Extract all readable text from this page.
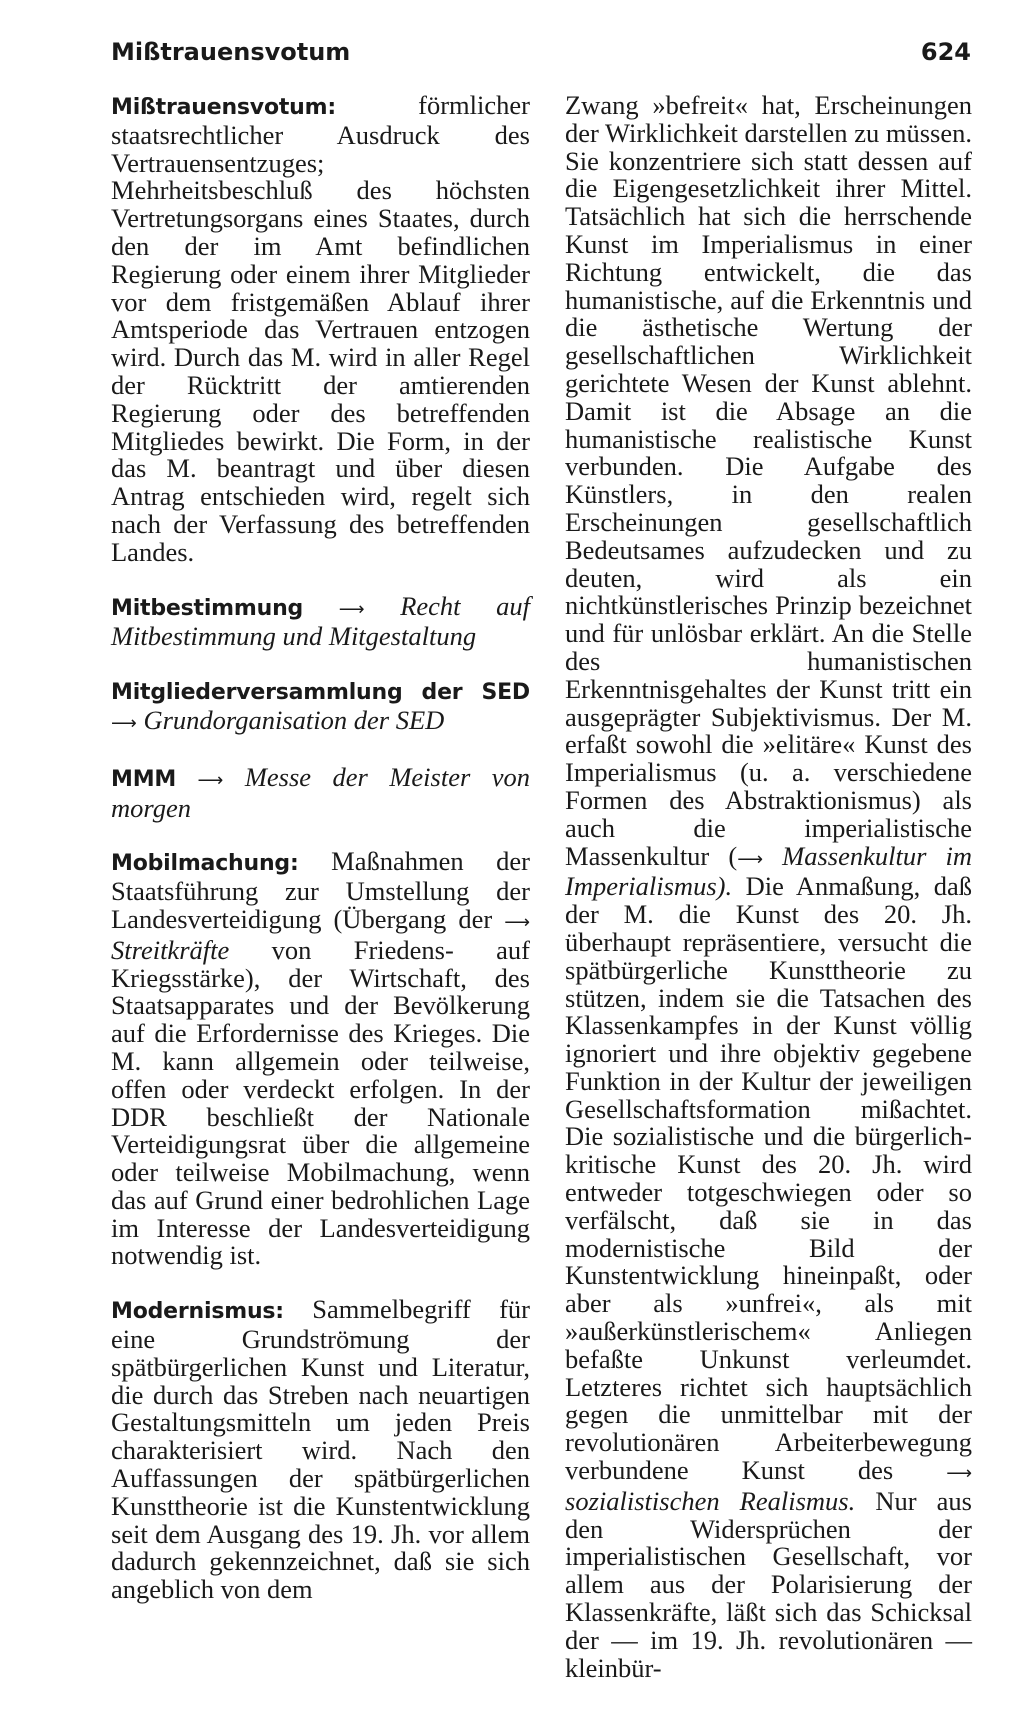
Mißtrauensvotum	624

Mißtrauensvotum:	förmlicher staatsrechtlicher Ausdruck des Vertrauensentzuges; Mehrheitsbeschluß des höchsten Vertretungsorgans eines Staates, durch den der im Amt befindlichen Regierung oder einem ihrer Mitglieder vor dem fristgemäßen Ablauf ihrer Amtsperiode das Vertrauen entzogen wird. Durch das M. wird in aller Regel der Rücktritt der amtierenden Regierung oder des betreffenden Mitgliedes bewirkt. Die Form, in der das M. beantragt und über diesen Antrag entschieden wird, regelt sich nach der Verfassung des betreffenden Landes.

Mitbestimmung ⟶ Recht auf Mitbestimmung und Mitgestaltung

Mitgliederversammlung der SED ⟶ Grundorganisation der SED

MMM ⟶ Messe der Meister von morgen

Mobilmachung: Maßnahmen der Staatsführung zur Umstellung der Landesverteidigung (Übergang der ⟶ Streitkräfte von Friedens- auf Kriegsstärke), der Wirtschaft, des Staatsapparates und der Bevölkerung auf die Erfordernisse des Krieges. Die M. kann allgemein oder teilweise, offen oder verdeckt erfolgen. In der DDR beschließt der Nationale Verteidigungsrat über die allgemeine oder teilweise Mobilmachung, wenn das auf Grund einer bedrohlichen Lage im Interesse der Landesverteidigung notwendig ist.

Modernismus: Sammelbegriff für eine Grundströmung der spätbürgerlichen Kunst und Literatur, die durch das Streben nach neuartigen Gestaltungsmitteln um jeden Preis charakterisiert wird. Nach den Auffassungen der spätbürgerlichen Kunsttheorie ist die Kunstentwicklung seit dem Ausgang des 19. Jh. vor allem dadurch gekennzeichnet, daß sie sich angeblich von dem

Zwang »befreit« hat, Erscheinungen der Wirklichkeit darstellen zu müssen. Sie konzentriere sich statt dessen auf die Eigengesetzlichkeit ihrer Mittel. Tatsächlich hat sich die herrschende Kunst im Imperialismus in einer Richtung entwickelt, die das humanistische, auf die Erkenntnis und die ästhetische Wertung der gesellschaftlichen Wirklichkeit gerichtete Wesen der Kunst ablehnt. Damit ist die Absage an die humanistische realistische Kunst verbunden. Die Aufgabe des Künstlers, in den realen Erscheinungen gesellschaftlich Bedeutsames aufzudecken und zu deuten, wird als ein nichtkünstlerisches Prinzip bezeichnet und für unlösbar erklärt. An die Stelle des humanistischen Erkenntnisgehaltes der Kunst tritt ein ausgeprägter Subjektivismus. Der M. erfaßt sowohl die »elitäre« Kunst des Imperialismus (u. a. verschiedene Formen des Abstraktionismus) als auch die imperialistische Massenkultur (⟶ Massenkultur im Imperialismus). Die Anmaßung, daß der M. die Kunst des 20. Jh. überhaupt repräsentiere, versucht die spätbürgerliche Kunsttheorie zu stützen, indem sie die Tatsachen des Klassenkampfes in der Kunst völlig ignoriert und ihre objektiv gegebene Funktion in der Kultur der jeweiligen Gesellschaftsformation mißachtet. Die sozialistische und die bürgerlich-kritische Kunst des 20. Jh. wird entweder totgeschwiegen oder so verfälscht, daß sie in das modernistische Bild der Kunstentwicklung hineinpaßt, oder aber als »unfrei«, als mit »außerkünstlerischem« Anliegen befaßte Unkunst verleumdet. Letzteres richtet sich hauptsächlich gegen die unmittelbar mit der revolutionären Arbeiterbewegung verbundene Kunst des	⟶ sozialistischen Realismus. Nur aus den Widersprüchen der imperialistischen Gesellschaft, vor allem aus der Polarisierung der Klassenkräfte, läßt sich das Schicksal der — im 19. Jh. revolutionären — kleinbür-
